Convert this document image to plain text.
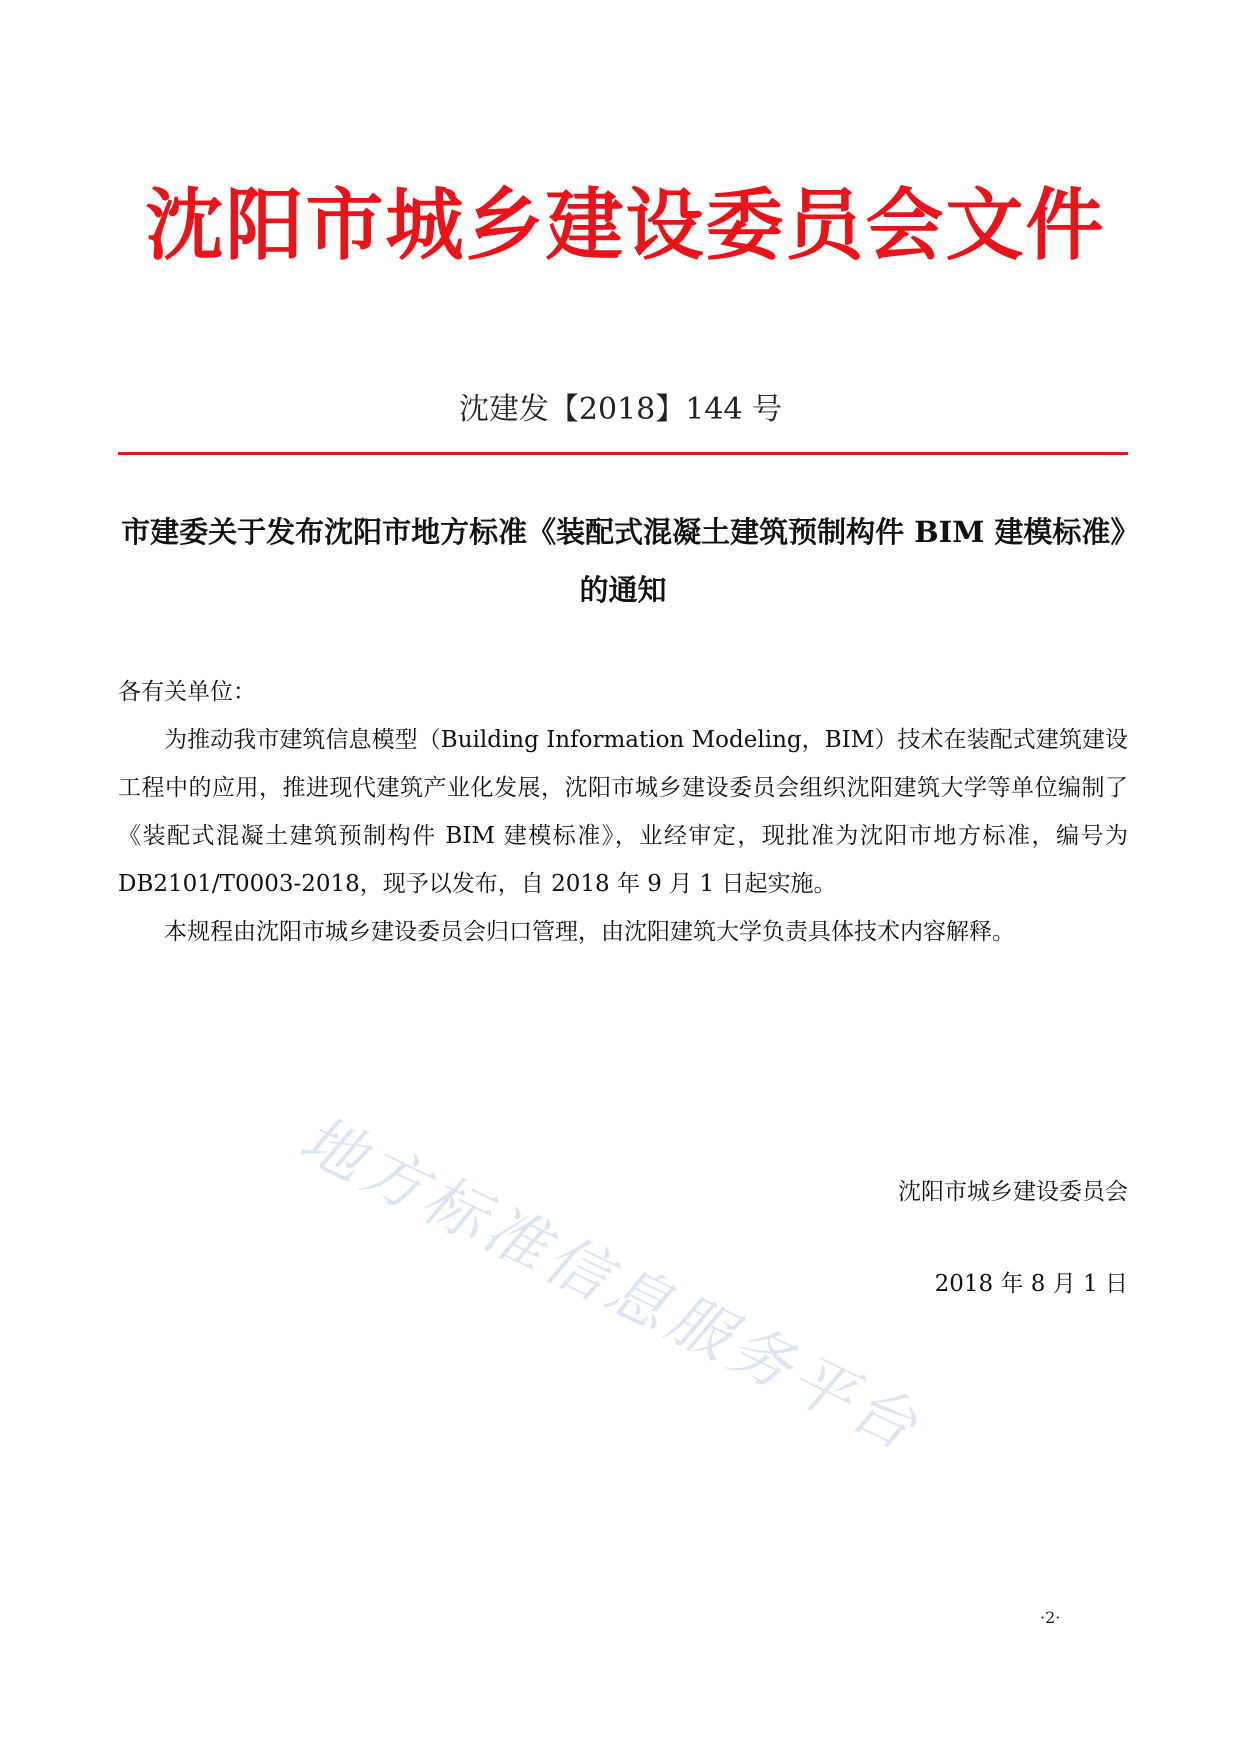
沈阳市城乡建设委员会文件
沈建发【2018】144 号
市建委关于发布沈阳市地方标准《装配式混凝土建筑预制构件 BIM 建模标准》的通知
各有关单位：

为推动我市建筑信息模型（Building Information Modeling，BIM）技术在装配式建筑建设工程中的应用，推进现代建筑产业化发展，沈阳市城乡建设委员会组织沈阳建筑大学等单位编制了《装配式混凝土建筑预制构件 BIM 建模标准》，业经审定，现批准为沈阳市地方标准，编号为 DB2101/T0003-2018，现予以发布，自 2018 年 9 月 1 日起实施。

本规程由沈阳市城乡建设委员会归口管理，由沈阳建筑大学负责具体技术内容解释。

地方标准信息服务平台
沈阳市城乡建设委员会
2018 年 8 月 1 日
·2·
